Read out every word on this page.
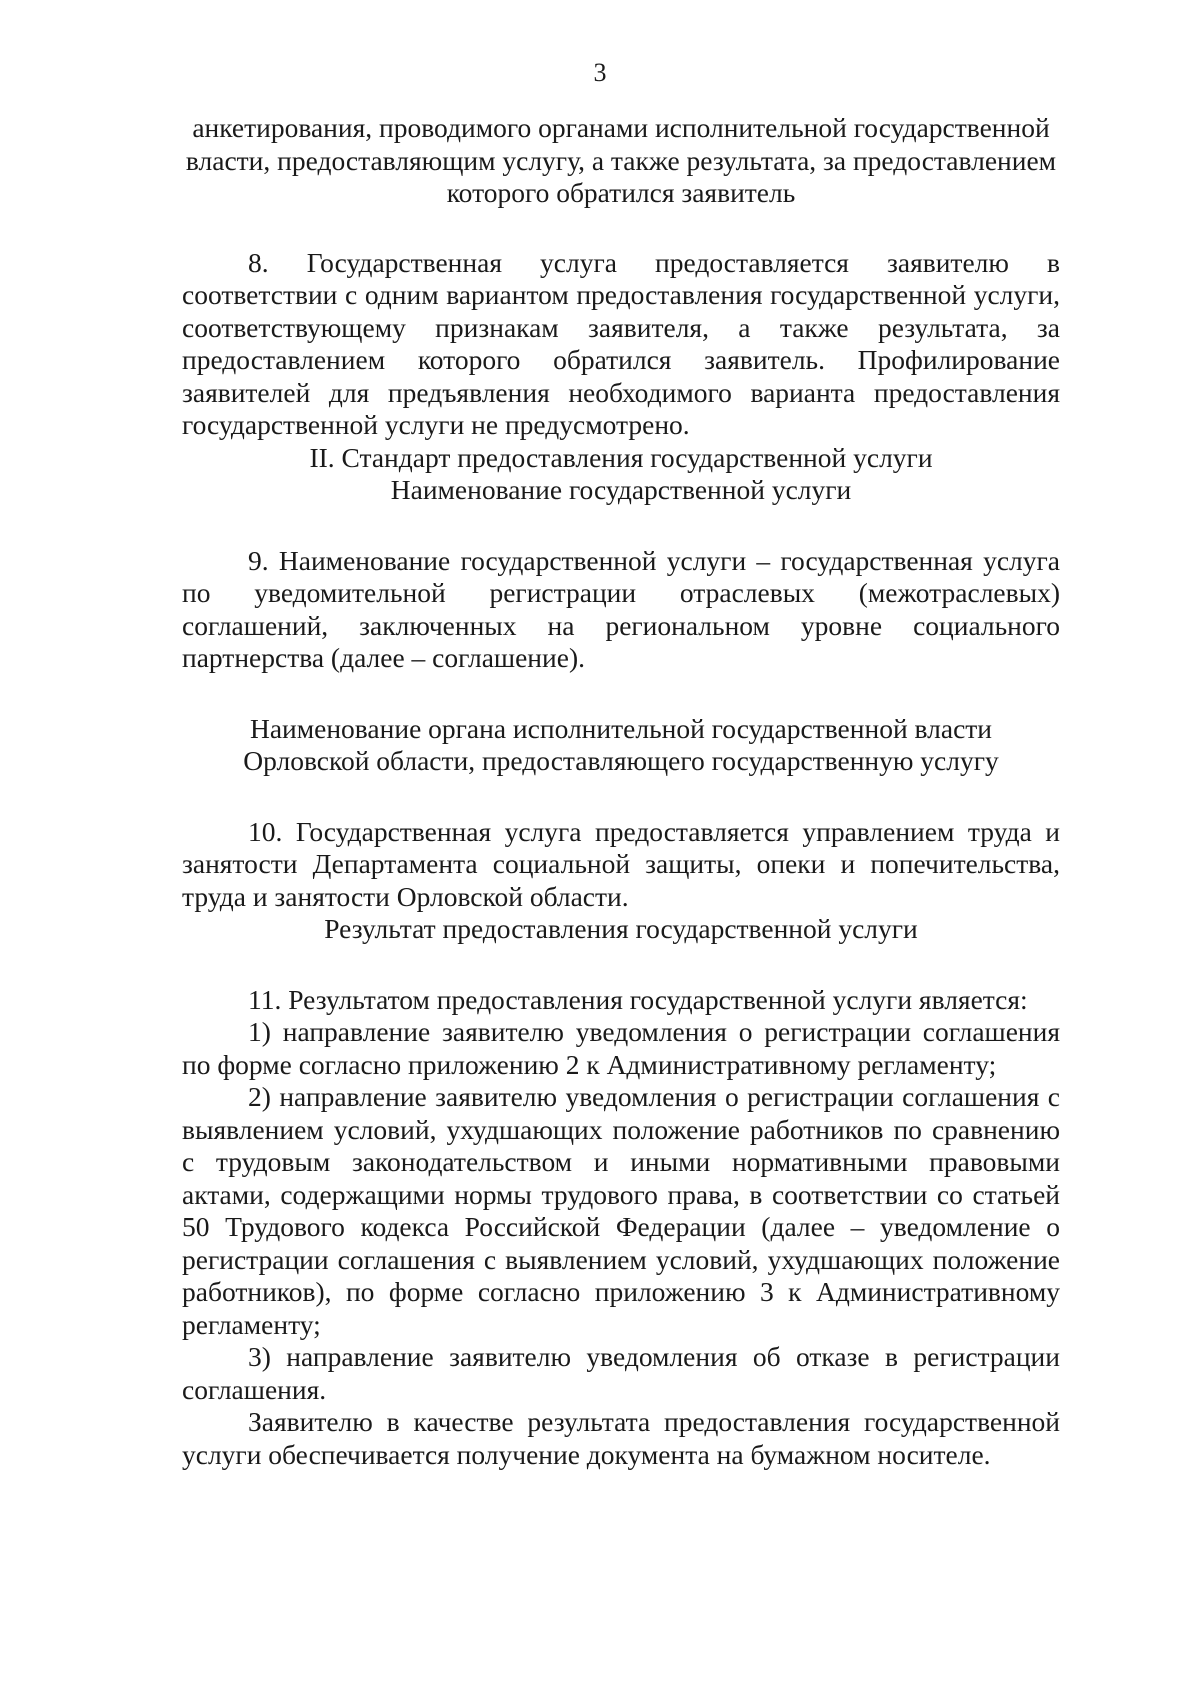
3

анкетирования, проводимого органами исполнительной государственной власти, предоставляющим услугу, а также результата, за предоставлением которого обратился заявитель

8. Государственная услуга предоставляется заявителю в соответствии с одним вариантом предоставления государственной услуги, соответствующему признакам заявителя, а также результата, за предоставлением которого обратился заявитель. Профилирование заявителей для предъявления необходимого варианта предоставления государственной услуги не предусмотрено.

II. Стандарт предоставления государственной услуги

Наименование государственной услуги

9. Наименование государственной услуги – государственная услуга по уведомительной регистрации отраслевых (межотраслевых) соглашений, заключенных на региональном уровне социального партнерства (далее – соглашение).

Наименование органа исполнительной государственной власти

Орловской области, предоставляющего государственную услугу

10. Государственная услуга предоставляется управлением труда и занятости Департамента социальной защиты, опеки и попечительства, труда и занятости Орловской области.

Результат предоставления государственной услуги

11. Результатом предоставления государственной услуги является:

1) направление заявителю уведомления о регистрации соглашения по форме согласно приложению 2 к Административному регламенту;

2) направление заявителю уведомления о регистрации соглашения с выявлением условий, ухудшающих положение работников по сравнению с трудовым законодательством и иными нормативными правовыми актами, содержащими нормы трудового права, в соответствии со статьей 50 Трудового кодекса Российской Федерации (далее – уведомление о регистрации соглашения с выявлением условий, ухудшающих положение работников), по форме согласно приложению 3 к Административному регламенту;

3) направление заявителю уведомления об отказе в регистрации соглашения.

Заявителю в качестве результата предоставления государственной услуги обеспечивается получение документа на бумажном носителе.
